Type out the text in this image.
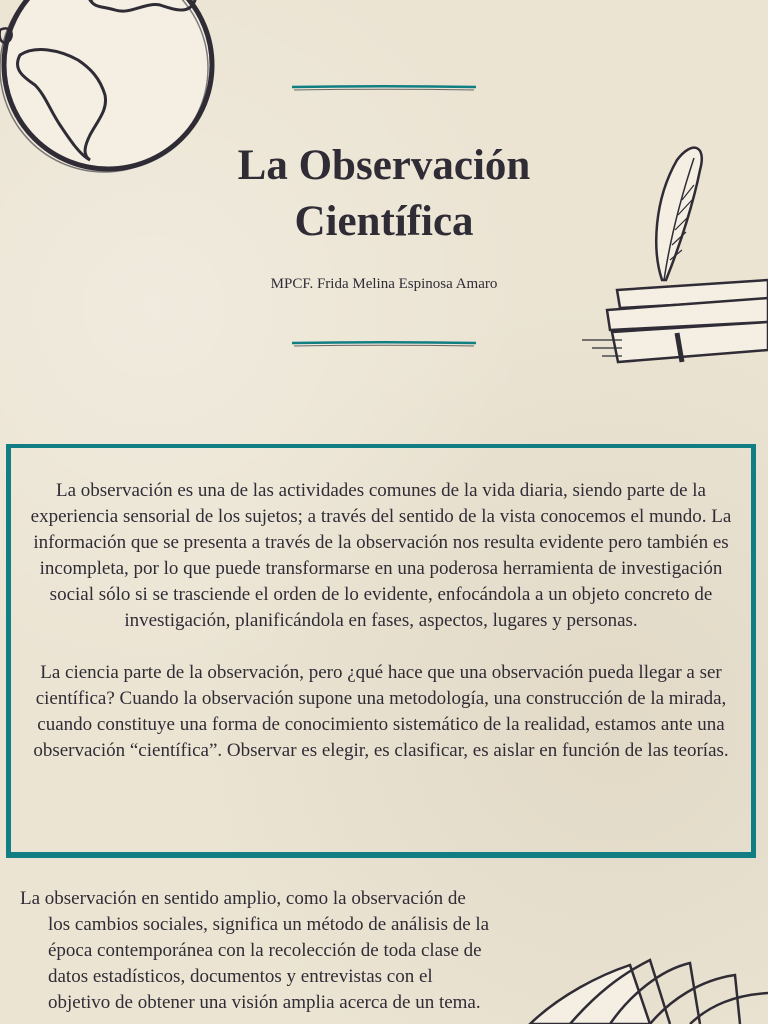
La Observación
Científica
MPCF. Frida Melina Espinosa Amaro

La observación es una de las actividades comunes de la vida diaria, siendo parte de la experiencia sensorial de los sujetos; a través del sentido de la vista conocemos el mundo. La información que se presenta a través de la observación nos resulta evidente pero también es incompleta, por lo que puede transformarse en una poderosa herramienta de investigación social sólo si se trasciende el orden de lo evidente, enfocándola a un objeto concreto de investigación, planificándola en fases, aspectos, lugares y personas.

La ciencia parte de la observación, pero ¿qué hace que una observación pueda llegar a ser científica? Cuando la observación supone una metodología, una construcción de la mirada, cuando constituye una forma de conocimiento sistemático de la realidad, estamos ante una observación “científica”. Observar es elegir, es clasificar, es aislar en función de las teorías.

La observación en sentido amplio, como la observación de los cambios sociales, significa un método de análisis de la época contemporánea con la recolección de toda clase de datos estadísticos, documentos y entrevistas con el objetivo de obtener una visión amplia acerca de un tema.
